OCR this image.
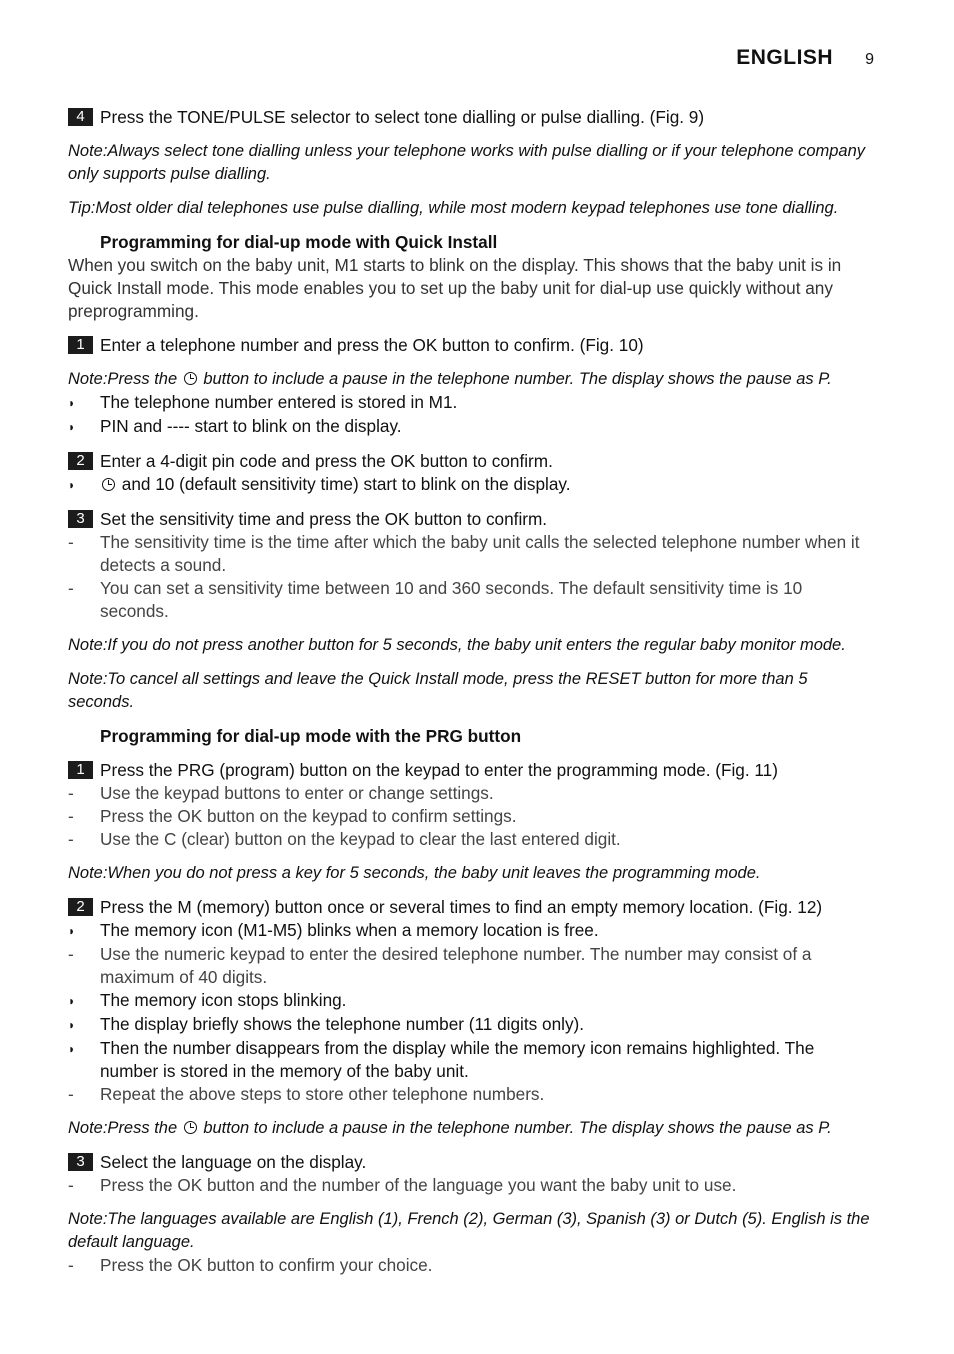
ENGLISH 9
4 Press the TONE/PULSE selector to select tone dialling or pulse dialling. (Fig. 9)
Note:Always select tone dialling unless your telephone works with pulse dialling or if your telephone company only supports pulse dialling.
Tip:Most older dial telephones use pulse dialling, while most modern keypad telephones use tone dialling.
Programming for dial-up mode with Quick Install
When you switch on the baby unit, M1 starts to blink on the display. This shows that the baby unit is in Quick Install mode. This mode enables you to set up the baby unit for dial-up use quickly without any preprogramming.
1 Enter a telephone number and press the OK button to confirm. (Fig. 10)
Note:Press the button to include a pause in the telephone number. The display shows the pause as P.
◗	The telephone number entered is stored in M1.
◗	PIN and ---- start to blink on the display.
2 Enter a 4-digit pin code and press the OK button to confirm.
◗	and 10 (default sensitivity time) start to blink on the display.
3 Set the sensitivity time and press the OK button to confirm.
-	The sensitivity time is the time after which the baby unit calls the selected telephone number when it detects a sound.
-	You can set a sensitivity time between 10 and 360 seconds. The default sensitivity time is 10 seconds.
Note:If you do not press another button for 5 seconds, the baby unit enters the regular baby monitor mode.
Note:To cancel all settings and leave the Quick Install mode, press the RESET button for more than 5 seconds.
Programming for dial-up mode with the PRG button
1 Press the PRG (program) button on the keypad to enter the programming mode. (Fig. 11)
-	Use the keypad buttons to enter or change settings.
-	Press the OK button on the keypad to confirm settings.
-	Use the C (clear) button on the keypad to clear the last entered digit.
Note:When you do not press a key for 5 seconds, the baby unit leaves the programming mode.
2 Press the M (memory) button once or several times to find an empty memory location. (Fig. 12)
◗	The memory icon (M1-M5) blinks when a memory location is free.
-	Use the numeric keypad to enter the desired telephone number. The number may consist of a maximum of 40 digits.
◗	The memory icon stops blinking.
◗	The display briefly shows the telephone number (11 digits only).
◗	Then the number disappears from the display while the memory icon remains highlighted. The number is stored in the memory of the baby unit.
-	Repeat the above steps to store other telephone numbers.
Note:Press the button to include a pause in the telephone number. The display shows the pause as P.
3 Select the language on the display.
-	Press the OK button and the number of the language you want the baby unit to use.
Note:The languages available are English (1), French (2), German (3), Spanish (3) or Dutch (5). English is the default language.
-	Press the OK button to confirm your choice.
